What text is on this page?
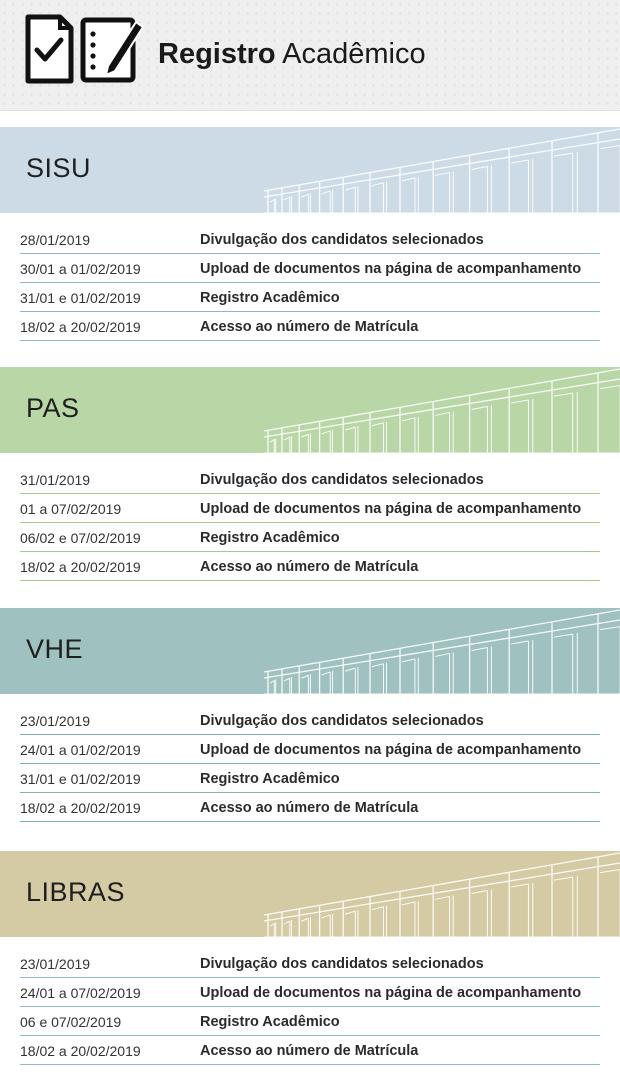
Registro Acadêmico
SISU
28/01/2019	Divulgação dos candidatos selecionados
30/01 a 01/02/2019	Upload de documentos na página de acompanhamento
31/01 e 01/02/2019	Registro Acadêmico
18/02 a 20/02/2019	Acesso ao número de Matrícula
PAS
31/01/2019	Divulgação dos candidatos selecionados
01 a 07/02/2019	Upload de documentos na página de acompanhamento
06/02 e 07/02/2019	Registro Acadêmico
18/02 a 20/02/2019	Acesso ao número de Matrícula
VHE
23/01/2019	Divulgação dos candidatos selecionados
24/01 a 01/02/2019	Upload de documentos na página de acompanhamento
31/01 e 01/02/2019	Registro Acadêmico
18/02 a 20/02/2019	Acesso ao número de Matrícula
LIBRAS
23/01/2019	Divulgação dos candidatos selecionados
24/01 a 07/02/2019	Upload de documentos na página de acompanhamento
06 e 07/02/2019	Registro Acadêmico
18/02 a 20/02/2019	Acesso ao número de Matrícula
